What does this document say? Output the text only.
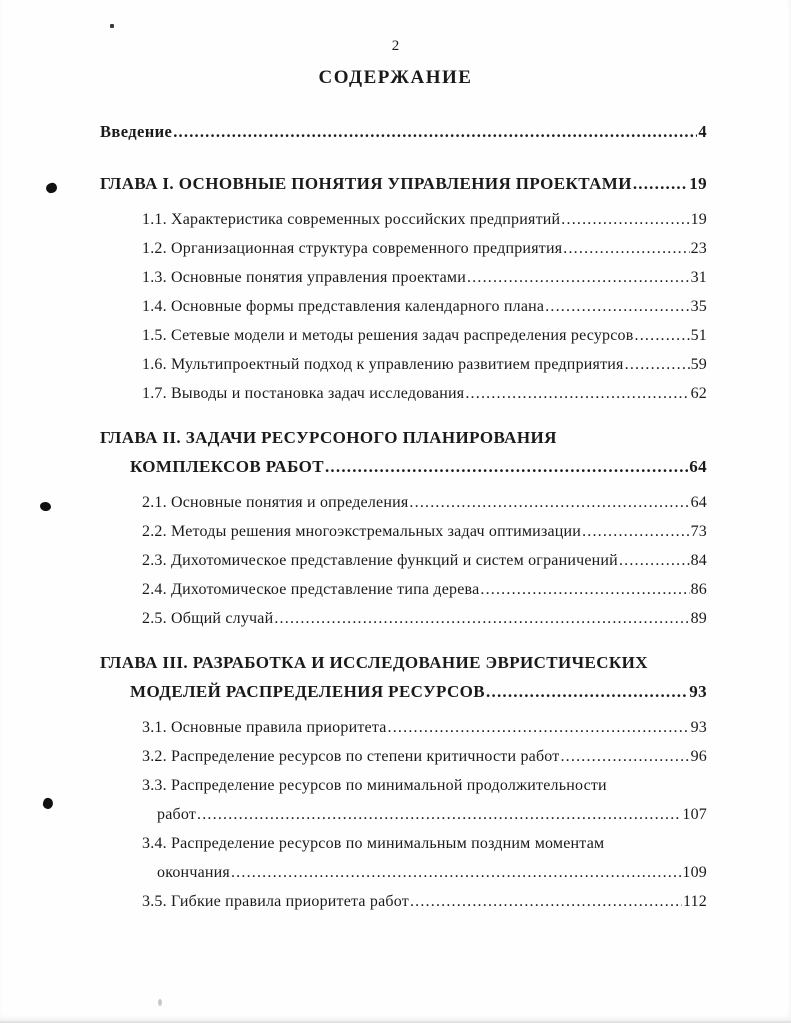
2
СОДЕРЖАНИЕ
Введение .....	4
ГЛАВА I. ОСНОВНЫЕ ПОНЯТИЯ УПРАВЛЕНИЯ ПРОЕКТАМИ .....	19
1.1. Характеристика современных российских предприятий .....	19
1.2. Организационная структура современного предприятия .....	23
1.3. Основные понятия управления проектами .....	31
1.4. Основные формы представления календарного плана .....	35
1.5. Сетевые модели и методы решения задач распределения ресурсов .....	51
1.6. Мультипроектный подход к управлению развитием предприятия .....	59
1.7. Выводы и постановка задач исследования .....	62
ГЛАВА II. ЗАДАЧИ РЕСУРСОНОГО ПЛАНИРОВАНИЯ
КОМПЛЕКСОВ РАБОТ .....	64
2.1. Основные понятия и определения .....	64
2.2. Методы решения многоэкстремальных задач оптимизации .....	73
2.3. Дихотомическое представление функций и систем ограничений .....	84
2.4. Дихотомическое представление типа дерева .....	86
2.5. Общий случай .....	89
ГЛАВА III. РАЗРАБОТКА И ИССЛЕДОВАНИЕ ЭВРИСТИЧЕСКИХ
МОДЕЛЕЙ РАСПРЕДЕЛЕНИЯ РЕСУРСОВ .....	93
3.1. Основные правила приоритета .....	93
3.2. Распределение ресурсов по степени критичности работ .....	96
3.3. Распределение ресурсов по минимальной продолжительности
работ .....	107
3.4. Распределение ресурсов по минимальным поздним моментам
окончания .....	109
3.5. Гибкие правила приоритета работ .....	112
